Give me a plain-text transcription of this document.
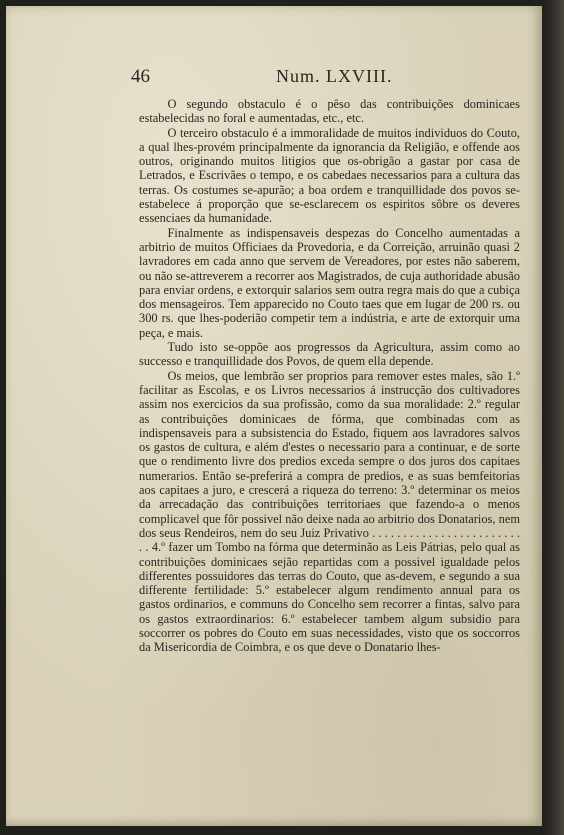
46	Num. LXVIII.

O segundo obstaculo é o pêso das contribuições dominicaes estabelecidas no foral e aumentadas, etc., etc.

O terceiro obstaculo é a immoralidade de muitos individuos do Couto, a qual lhes-provém principalmente da ignorancia da Religião, e offende aos outros, originando muitos litigios que os-obrigão a gastar por casa de Letrados, e Escrivães o tempo, e os cabedaes necessarios para a cultura das terras. Os costumes se-apurão; a boa ordem e tranquillidade dos povos se-estabelece á proporção que se-esclarecem os espiritos sôbre os deveres essenciaes da humanidade.

Finalmente as indispensaveis despezas do Concelho aumentadas a arbitrio de muitos Officiaes da Provedoria, e da Correição, arruinão quasi 2 lavradores em cada anno que servem de Vereadores, por estes não saberem, ou não se-attreverem a recorrer aos Magistrados, de cuja authoridade abusão para enviar ordens, e extorquir salarios sem outra regra mais do que a cubiça dos mensageiros. Tem apparecido no Couto taes que em lugar de 200 rs. ou 300 rs. que lhes-poderião competir tem a indústria, e arte de extorquir uma peça, e mais.

Tudo isto se-oppõe aos progressos da Agricultura, assim como ao successo e tranquillidade dos Povos, de quem ella depende.

Os meios, que lembrão ser proprios para remover estes males, são 1.º facilitar as Escolas, e os Livros necessarios á instrucção dos cultivadores assim nos exercicios da sua profissão, como da sua moralidade: 2.º regular as contribuições dominicaes de fórma, que combinadas com as indispensaveis para a subsistencia do Estado, fiquem aos lavradores salvos os gastos de cultura, e além d'estes o necessario para a continuar, e de sorte que o rendimento livre dos predios exceda sempre o dos juros dos capitaes numerarios. Então se-preferirá a compra de predios, e as suas bemfeitorias aos capitaes a juro, e crescerá a riqueza do terreno: 3.º determinar os meios da arrecadação das contribuições territoriaes que fazendo-a o menos complicavel que fôr possivel não deixe nada ao arbitrio dos Donatarios, nem dos seus Rendeiros, nem do seu Juiz Privativo . . . . . . . . . . . . . . . . . . . . . . . . . . 4.º fazer um Tombo na fórma que determinão as Leis Pátrias, pelo qual as contribuições dominicaes sejão repartidas com a possivel igualdade pelos differentes possuidores das terras do Couto, que as-devem, e segundo a sua differente fertilidade: 5.º estabelecer algum rendimento annual para os gastos ordinarios, e communs do Concelho sem recorrer a fintas, salvo para os gastos extraordinarios: 6.º estabelecer tambem algum subsidio para soccorrer os pobres do Couto em suas necessidades, visto que os soccorros da Misericordia de Coimbra, e os que deve o Donatario lhes-
